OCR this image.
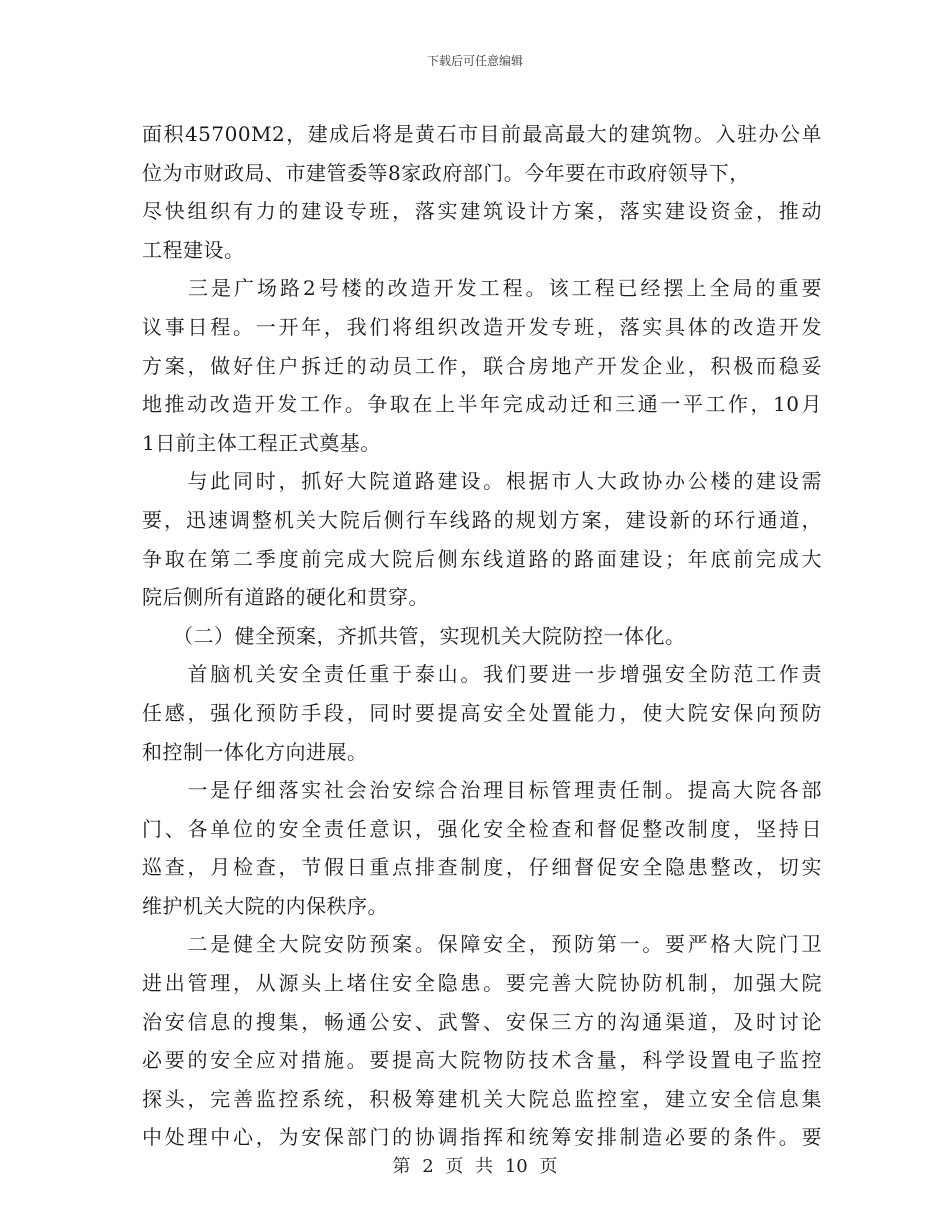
下载后可任意编辑
面积45700M2，建成后将是黄石市目前最高最大的建筑物。入驻办公单
位为市财政局、市建管委等8家政府部门。今年要在市政府领导下，
尽快组织有力的建设专班，落实建筑设计方案，落实建设资金，推动
工程建设。
　　三是广场路2号楼的改造开发工程。该工程已经摆上全局的重要
议事日程。一开年，我们将组织改造开发专班，落实具体的改造开发
方案，做好住户拆迁的动员工作，联合房地产开发企业，积极而稳妥
地推动改造开发工作。争取在上半年完成动迁和三通一平工作，10月
1日前主体工程正式奠基。
　　与此同时，抓好大院道路建设。根据市人大政协办公楼的建设需
要，迅速调整机关大院后侧行车线路的规划方案，建设新的环行通道，
争取在第二季度前完成大院后侧东线道路的路面建设；年底前完成大
院后侧所有道路的硬化和贯穿。
　　（二）健全预案，齐抓共管，实现机关大院防控一体化。
　　首脑机关安全责任重于泰山。我们要进一步增强安全防范工作责
任感，强化预防手段，同时要提高安全处置能力，使大院安保向预防
和控制一体化方向进展。
　　一是仔细落实社会治安综合治理目标管理责任制。提高大院各部
门、各单位的安全责任意识，强化安全检查和督促整改制度，坚持日
巡查，月检查，节假日重点排查制度，仔细督促安全隐患整改，切实
维护机关大院的内保秩序。
　　二是健全大院安防预案。保障安全，预防第一。要严格大院门卫
进出管理，从源头上堵住安全隐患。要完善大院协防机制，加强大院
治安信息的搜集，畅通公安、武警、安保三方的沟通渠道，及时讨论
必要的安全应对措施。要提高大院物防技术含量，科学设置电子监控
探头，完善监控系统，积极筹建机关大院总监控室，建立安全信息集
中处理中心，为安保部门的协调指挥和统筹安排制造必要的条件。要
第 2 页 共 10 页
